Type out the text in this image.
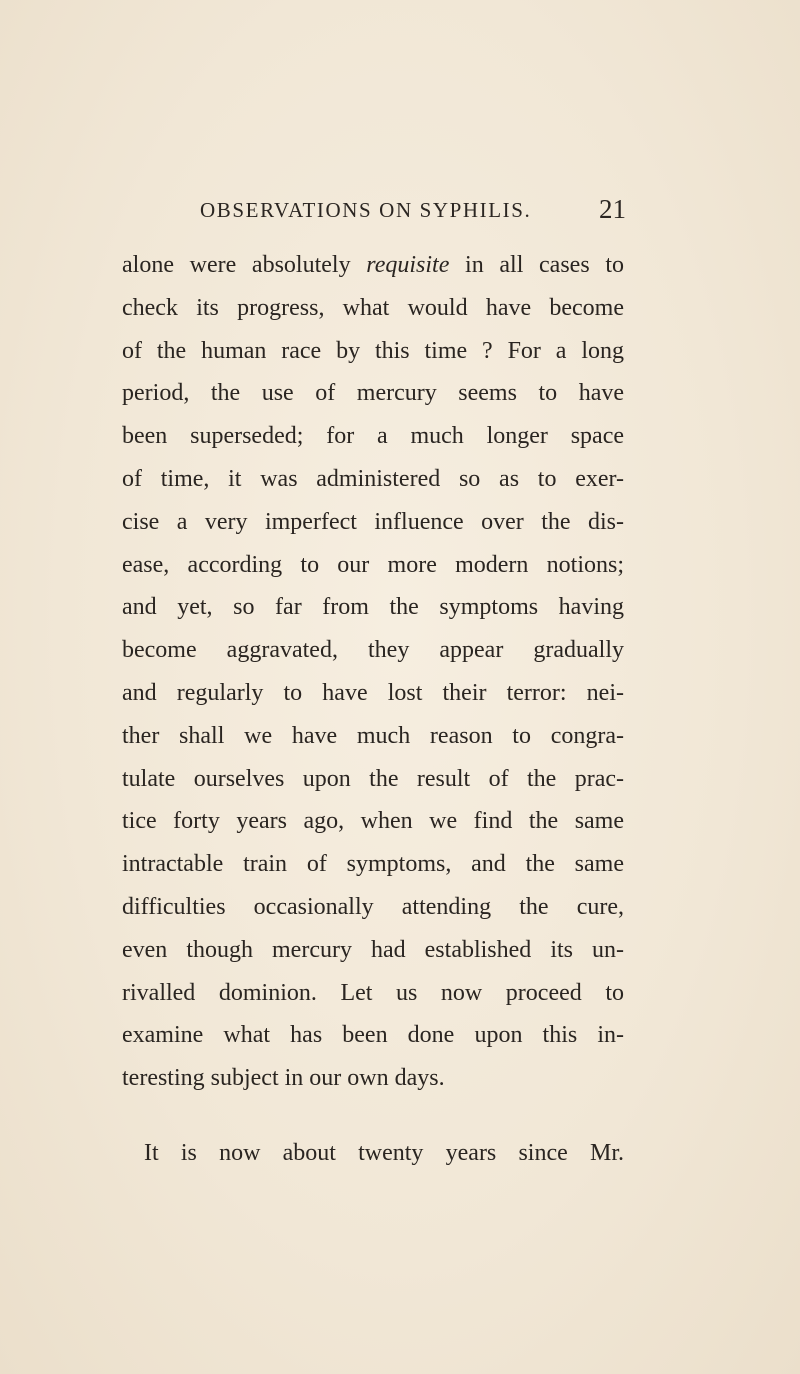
OBSERVATIONS ON SYPHILIS.	21
alone were absolutely requisite in all cases to
check its progress, what would have become
of the human race by this time ? For a long
period, the use of mercury seems to have
been superseded; for a much longer space
of time, it was administered so as to exer-
cise a very imperfect influence over the dis-
ease, according to our more modern notions;
and yet, so far from the symptoms having
become aggravated, they appear gradually
and regularly to have lost their terror: nei-
ther shall we have much reason to congra-
tulate ourselves upon the result of the prac-
tice forty years ago, when we find the same
intractable train of symptoms, and the same
difficulties occasionally attending the cure,
even though mercury had established its un-
rivalled dominion. Let us now proceed to
examine what has been done upon this in-
teresting subject in our own days.
It is now about twenty years since Mr.
